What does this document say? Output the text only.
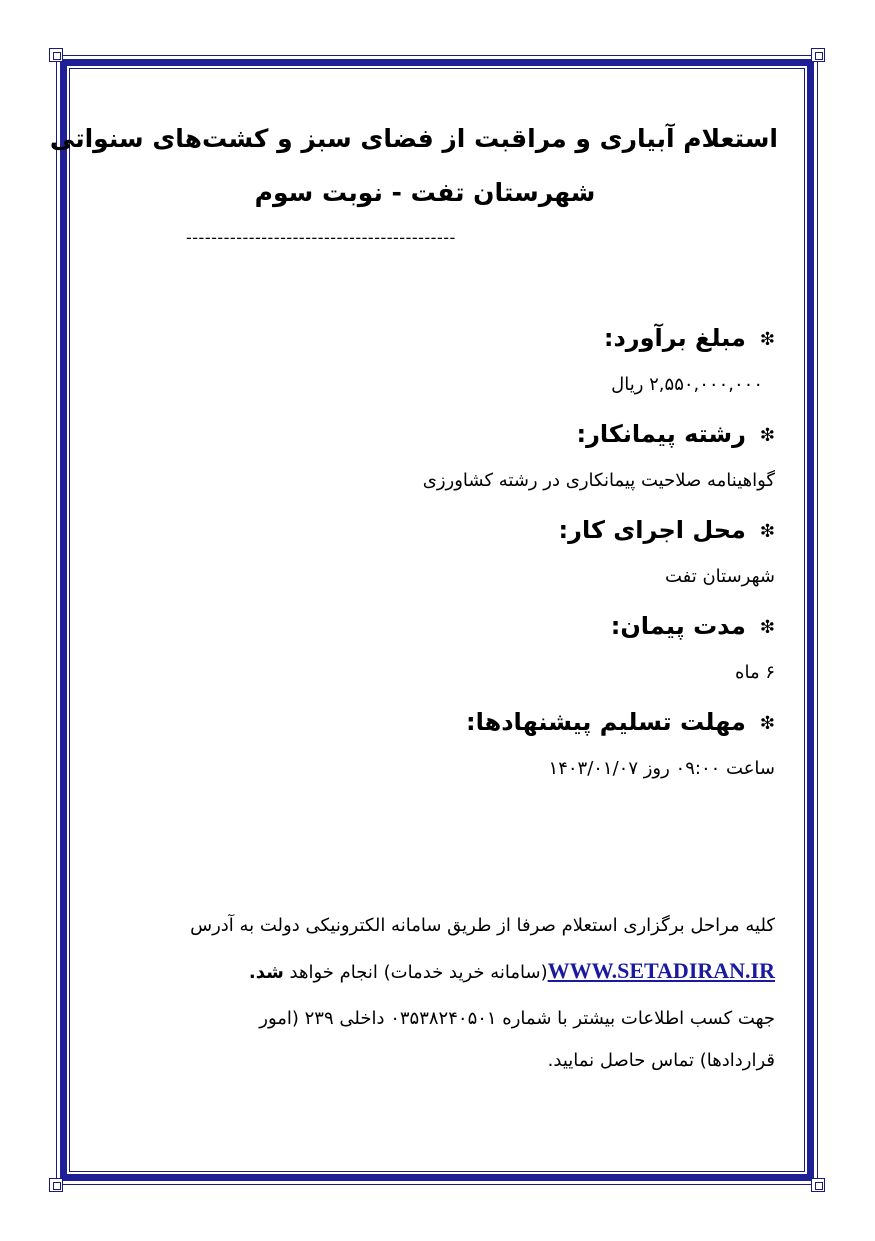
استعلام آبیاری و مراقبت از فضای سبز و کشت‌های سنواتی
شهرستان تفت - نوبت سوم
-------------------------------------------
❇مبلغ برآورد:
۲,۵۵۰,۰۰۰,۰۰۰ ریال
❇رشته پیمانکار:
گواهینامه صلاحیت پیمانکاری در رشته کشاورزی
❇محل اجرای کار:
شهرستان تفت
❇مدت پیمان:
۶ ماه
❇مهلت تسلیم پیشنهادها:
ساعت ۰۹:۰۰ روز ۱۴۰۳/۰۱/۰۷
کلیه مراحل برگزاری استعلام صرفا از طریق سامانه الکترونیکی دولت به آدرس
WWW.SETADIRAN.IR(سامانه خرید خدمات) انجام خواهد شد.
جهت کسب اطلاعات بیشتر با شماره ۰۳۵۳۸۲۴۰۵۰۱ داخلی ۲۳۹ (امور
قراردادها) تماس حاصل نمایید.
